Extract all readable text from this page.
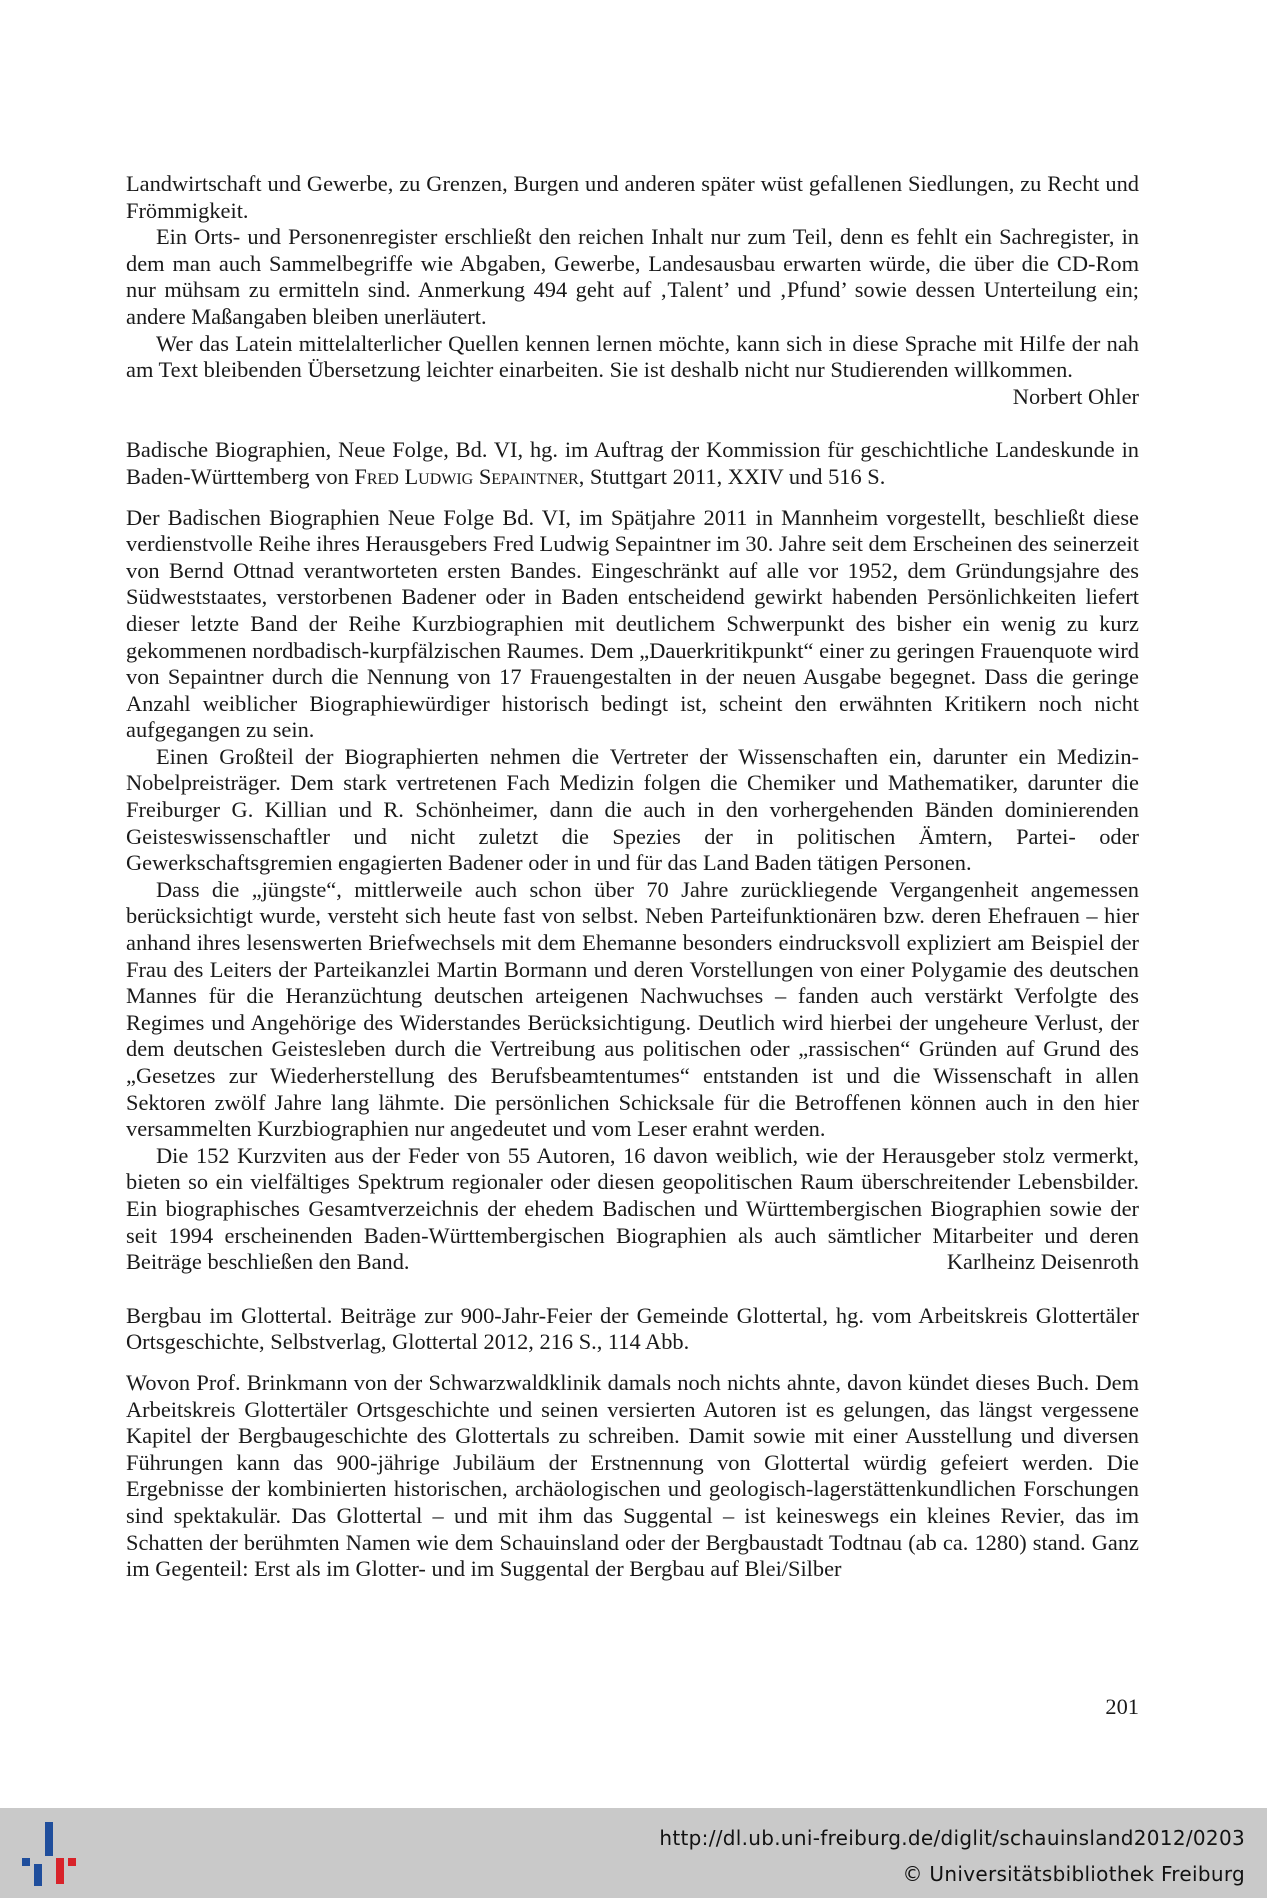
Landwirtschaft und Gewerbe, zu Grenzen, Burgen und anderen später wüst gefallenen Siedlungen, zu Recht und Frömmigkeit.

Ein Orts- und Personenregister erschließt den reichen Inhalt nur zum Teil, denn es fehlt ein Sachregister, in dem man auch Sammelbegriffe wie Abgaben, Gewerbe, Landesausbau erwarten würde, die über die CD-Rom nur mühsam zu ermitteln sind. Anmerkung 494 geht auf ‚Talent’ und ‚Pfund’ sowie dessen Unterteilung ein; andere Maßangaben bleiben unerläutert.

Wer das Latein mittelalterlicher Quellen kennen lernen möchte, kann sich in diese Sprache mit Hilfe der nah am Text bleibenden Übersetzung leichter einarbeiten. Sie ist deshalb nicht nur Studierenden willkommen.
Norbert Ohler

Badische Biographien, Neue Folge, Bd. VI, hg. im Auftrag der Kommission für geschichtliche Landeskunde in Baden-Württemberg von Fred Ludwig Sepaintner, Stuttgart 2011, XXIV und 516 S.

Der Badischen Biographien Neue Folge Bd. VI, im Spätjahre 2011 in Mannheim vorgestellt, beschließt diese verdienstvolle Reihe ihres Herausgebers Fred Ludwig Sepaintner im 30. Jahre seit dem Erscheinen des seinerzeit von Bernd Ottnad verantworteten ersten Bandes. Eingeschränkt auf alle vor 1952, dem Gründungsjahre des Südweststaates, verstorbenen Badener oder in Baden entscheidend gewirkt habenden Persönlichkeiten liefert dieser letzte Band der Reihe Kurzbiographien mit deutlichem Schwerpunkt des bisher ein wenig zu kurz gekommenen nordbadisch-kurpfälzischen Raumes. Dem „Dauerkritikpunkt“ einer zu geringen Frauenquote wird von Sepaintner durch die Nennung von 17 Frauengestalten in der neuen Ausgabe begegnet. Dass die geringe Anzahl weiblicher Biographiewürdiger historisch bedingt ist, scheint den erwähnten Kritikern noch nicht aufgegangen zu sein.

Einen Großteil der Biographierten nehmen die Vertreter der Wissenschaften ein, darunter ein Medizin-Nobelpreisträger. Dem stark vertretenen Fach Medizin folgen die Chemiker und Mathematiker, darunter die Freiburger G. Killian und R. Schönheimer, dann die auch in den vorhergehenden Bänden dominierenden Geisteswissenschaftler und nicht zuletzt die Spezies der in politischen Ämtern, Partei- oder Gewerkschaftsgremien engagierten Badener oder in und für das Land Baden tätigen Personen.

Dass die „jüngste“, mittlerweile auch schon über 70 Jahre zurückliegende Vergangenheit angemessen berücksichtigt wurde, versteht sich heute fast von selbst. Neben Parteifunktionären bzw. deren Ehefrauen – hier anhand ihres lesenswerten Briefwechsels mit dem Ehemanne besonders eindrucksvoll expliziert am Beispiel der Frau des Leiters der Parteikanzlei Martin Bormann und deren Vorstellungen von einer Polygamie des deutschen Mannes für die Heranzüchtung deutschen arteigenen Nachwuchses – fanden auch verstärkt Verfolgte des Regimes und Angehörige des Widerstandes Berücksichtigung. Deutlich wird hierbei der ungeheure Verlust, der dem deutschen Geistesleben durch die Vertreibung aus politischen oder „rassischen“ Gründen auf Grund des „Gesetzes zur Wiederherstellung des Berufsbeamtentumes“ entstanden ist und die Wissenschaft in allen Sektoren zwölf Jahre lang lähmte. Die persönlichen Schicksale für die Betroffenen können auch in den hier versammelten Kurzbiographien nur angedeutet und vom Leser erahnt werden.

Die 152 Kurzviten aus der Feder von 55 Autoren, 16 davon weiblich, wie der Herausgeber stolz vermerkt, bieten so ein vielfältiges Spektrum regionaler oder diesen geopolitischen Raum überschreitender Lebensbilder. Ein biographisches Gesamtverzeichnis der ehedem Badischen und Württembergischen Biographien sowie der seit 1994 erscheinenden Baden-Württembergischen Biographien als auch sämtlicher Mitarbeiter und deren Beiträge beschließen den Band.	Karlheinz Deisenroth

Bergbau im Glottertal. Beiträge zur 900-Jahr-Feier der Gemeinde Glottertal, hg. vom Arbeitskreis Glottertäler Ortsgeschichte, Selbstverlag, Glottertal 2012, 216 S., 114 Abb.

Wovon Prof. Brinkmann von der Schwarzwaldklinik damals noch nichts ahnte, davon kündet dieses Buch. Dem Arbeitskreis Glottertäler Ortsgeschichte und seinen versierten Autoren ist es gelungen, das längst vergessene Kapitel der Bergbaugeschichte des Glottertals zu schreiben. Damit sowie mit einer Ausstellung und diversen Führungen kann das 900-jährige Jubiläum der Erstnennung von Glottertal würdig gefeiert werden. Die Ergebnisse der kombinierten historischen, archäologischen und geologisch-lagerstättenkundlichen Forschungen sind spektakulär. Das Glottertal – und mit ihm das Suggental – ist keineswegs ein kleines Revier, das im Schatten der berühmten Namen wie dem Schauinsland oder der Bergbaustadt Todtnau (ab ca. 1280) stand. Ganz im Gegenteil: Erst als im Glotter- und im Suggental der Bergbau auf Blei/Silber

201
http://dl.ub.uni-freiburg.de/diglit/schauinsland2012/0203
© Universitätsbibliothek Freiburg
